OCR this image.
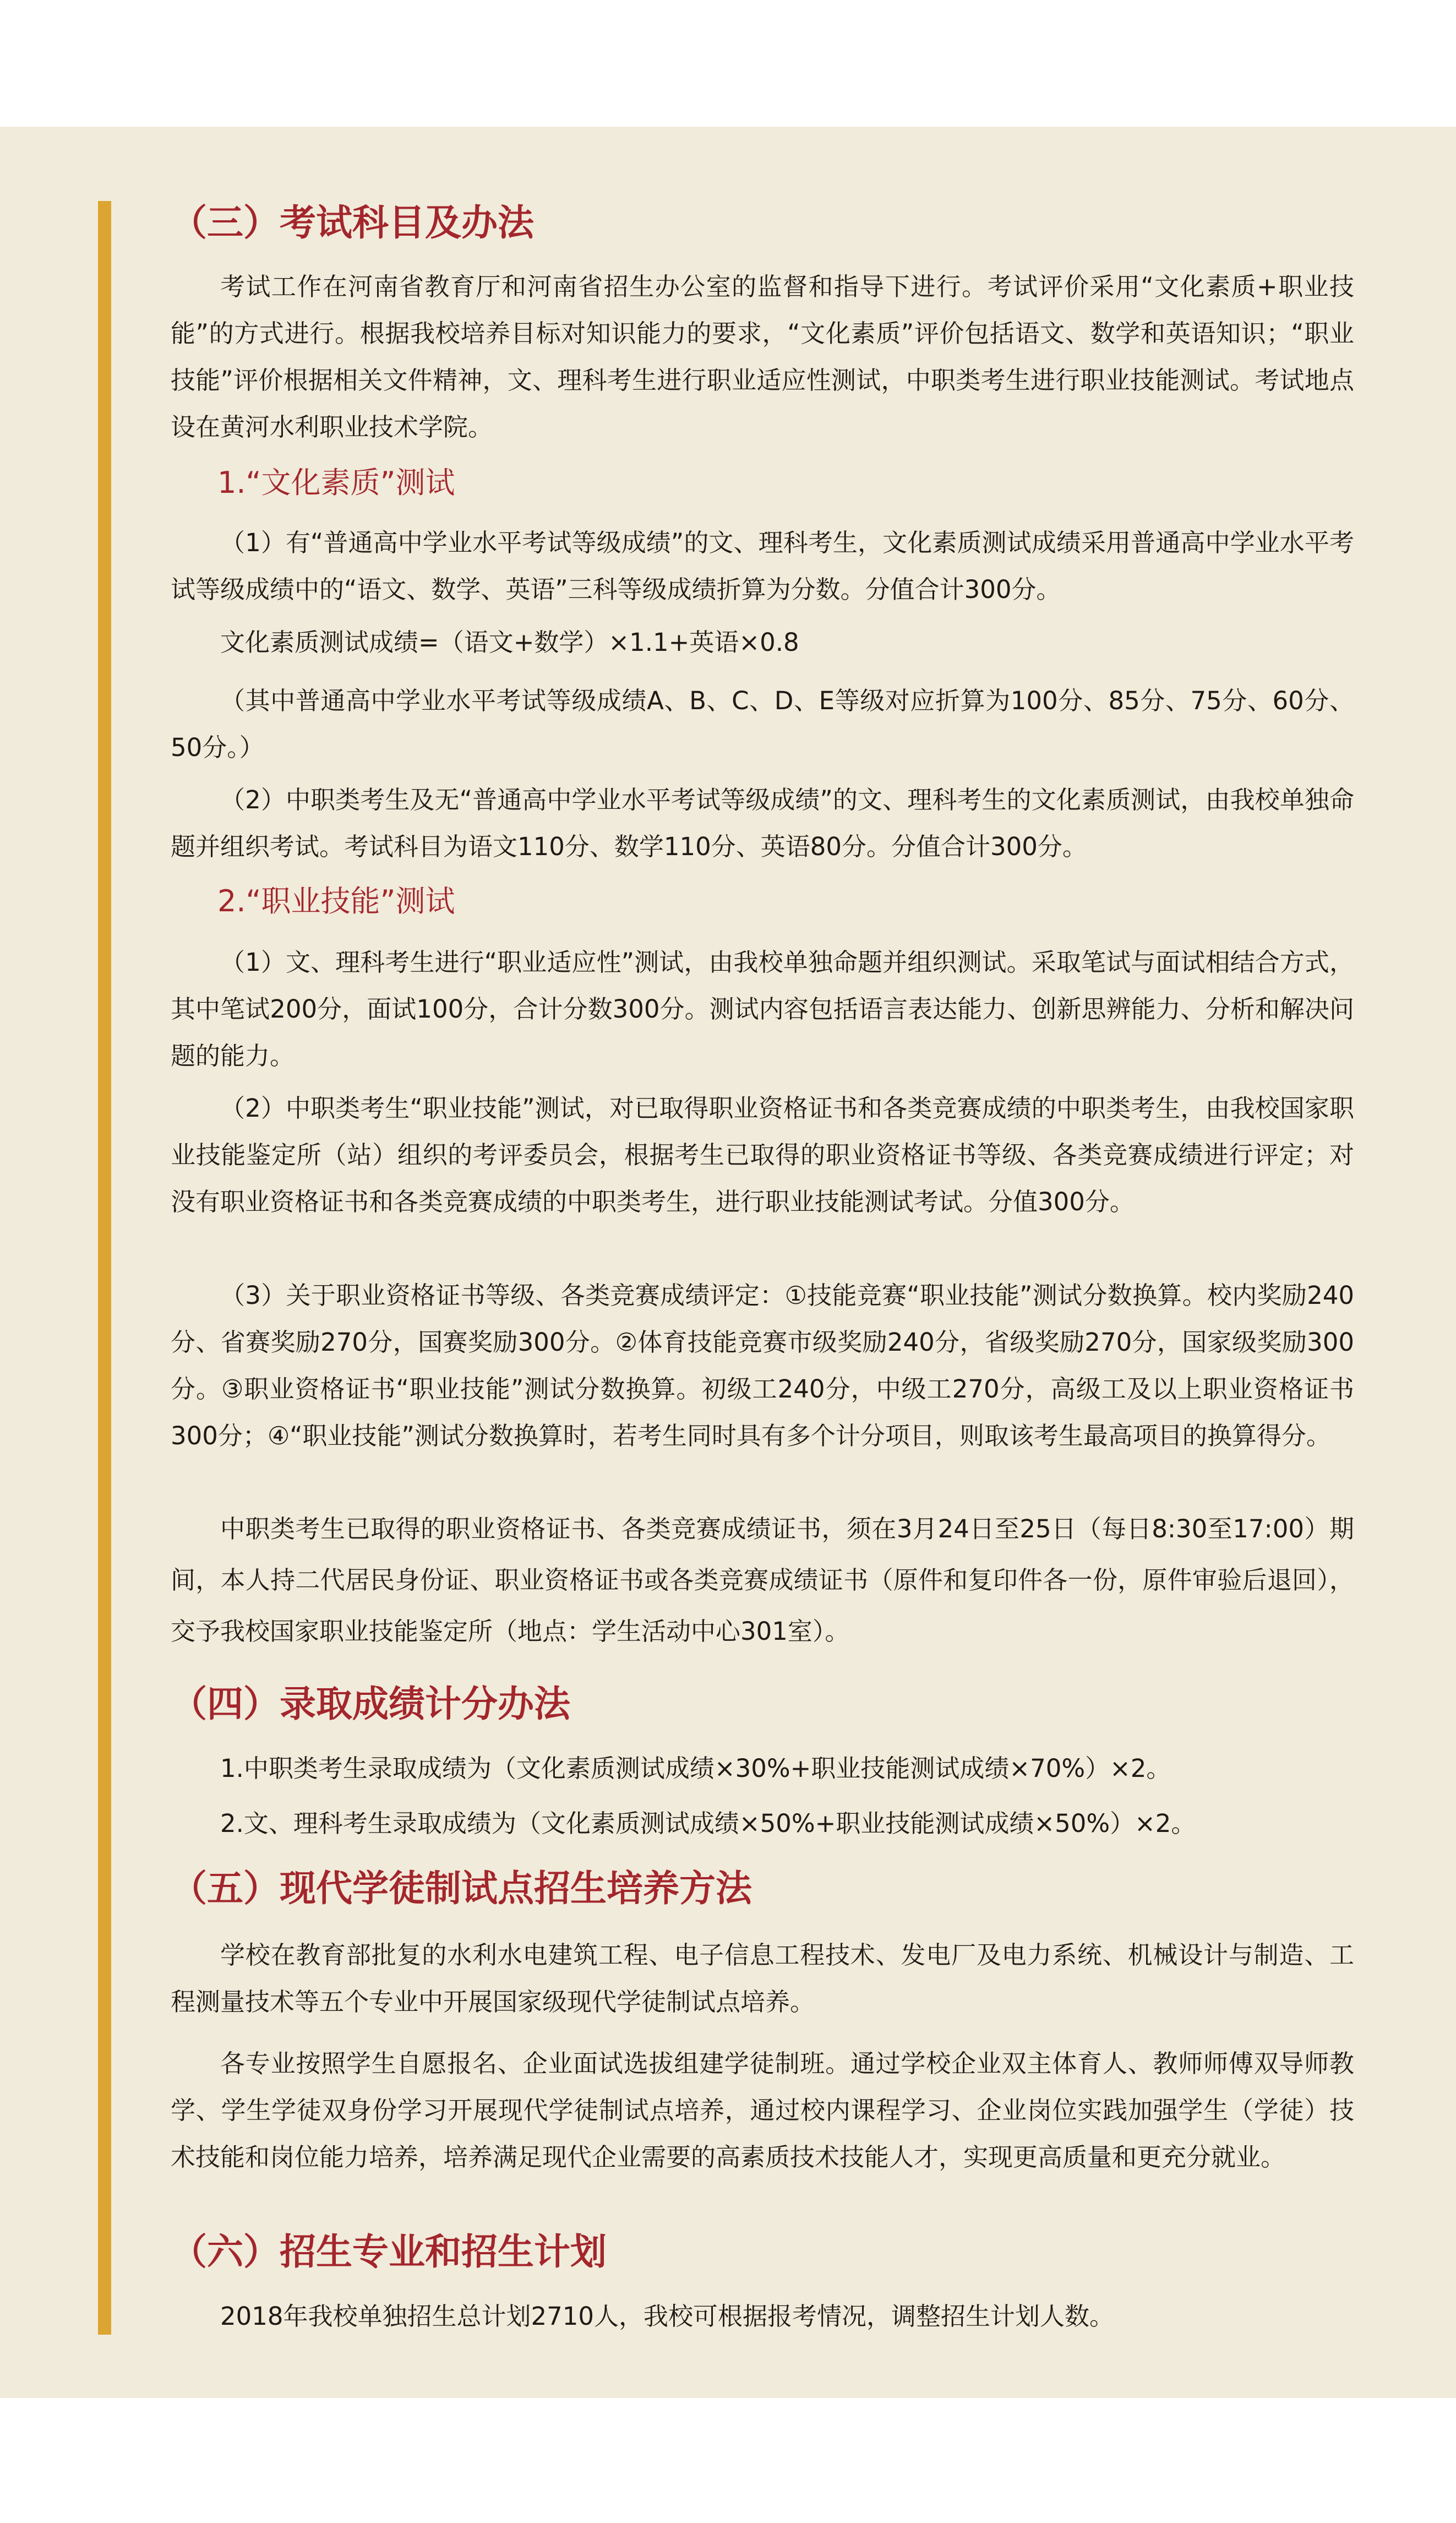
（三）考试科目及办法

考试工作在河南省教育厅和河南省招生办公室的监督和指导下进行。考试评价采用“文化素质+职业技能”的方式进行。根据我校培养目标对知识能力的要求，“文化素质”评价包括语文、数学和英语知识；“职业技能”评价根据相关文件精神，文、理科考生进行职业适应性测试，中职类考生进行职业技能测试。考试地点设在黄河水利职业技术学院。

1.“文化素质”测试

（1）有“普通高中学业水平考试等级成绩”的文、理科考生，文化素质测试成绩采用普通高中学业水平考试等级成绩中的“语文、数学、英语”三科等级成绩折算为分数。分值合计300分。

文化素质测试成绩=（语文+数学）×1.1+英语×0.8

（其中普通高中学业水平考试等级成绩A、B、C、D、E等级对应折算为100分、85分、75分、60分、50分。）

（2）中职类考生及无“普通高中学业水平考试等级成绩”的文、理科考生的文化素质测试，由我校单独命题并组织考试。考试科目为语文110分、数学110分、英语80分。分值合计300分。

2.“职业技能”测试

（1）文、理科考生进行“职业适应性”测试，由我校单独命题并组织测试。采取笔试与面试相结合方式，其中笔试200分，面试100分，合计分数300分。测试内容包括语言表达能力、创新思辨能力、分析和解决问题的能力。

（2）中职类考生“职业技能”测试，对已取得职业资格证书和各类竞赛成绩的中职类考生，由我校国家职业技能鉴定所（站）组织的考评委员会，根据考生已取得的职业资格证书等级、各类竞赛成绩进行评定；对没有职业资格证书和各类竞赛成绩的中职类考生，进行职业技能测试考试。分值300分。

（3）关于职业资格证书等级、各类竞赛成绩评定：①技能竞赛“职业技能”测试分数换算。校内奖励240分、省赛奖励270分，国赛奖励300分。②体育技能竞赛市级奖励240分，省级奖励270分，国家级奖励300分。③职业资格证书“职业技能”测试分数换算。初级工240分，中级工270分，高级工及以上职业资格证书300分；④“职业技能”测试分数换算时，若考生同时具有多个计分项目，则取该考生最高项目的换算得分。

中职类考生已取得的职业资格证书、各类竞赛成绩证书，须在3月24日至25日（每日8:30至17:00）期间，本人持二代居民身份证、职业资格证书或各类竞赛成绩证书（原件和复印件各一份，原件审验后退回），交予我校国家职业技能鉴定所（地点：学生活动中心301室）。

（四）录取成绩计分办法

1.中职类考生录取成绩为（文化素质测试成绩×30%+职业技能测试成绩×70%）×2。

2.文、理科考生录取成绩为（文化素质测试成绩×50%+职业技能测试成绩×50%）×2。

（五）现代学徒制试点招生培养方法

学校在教育部批复的水利水电建筑工程、电子信息工程技术、发电厂及电力系统、机械设计与制造、工程测量技术等五个专业中开展国家级现代学徒制试点培养。

各专业按照学生自愿报名、企业面试选拔组建学徒制班。通过学校企业双主体育人、教师师傅双导师教学、学生学徒双身份学习开展现代学徒制试点培养，通过校内课程学习、企业岗位实践加强学生（学徒）技术技能和岗位能力培养，培养满足现代企业需要的高素质技术技能人才，实现更高质量和更充分就业。

（六）招生专业和招生计划

2018年我校单独招生总计划2710人，我校可根据报考情况，调整招生计划人数。
